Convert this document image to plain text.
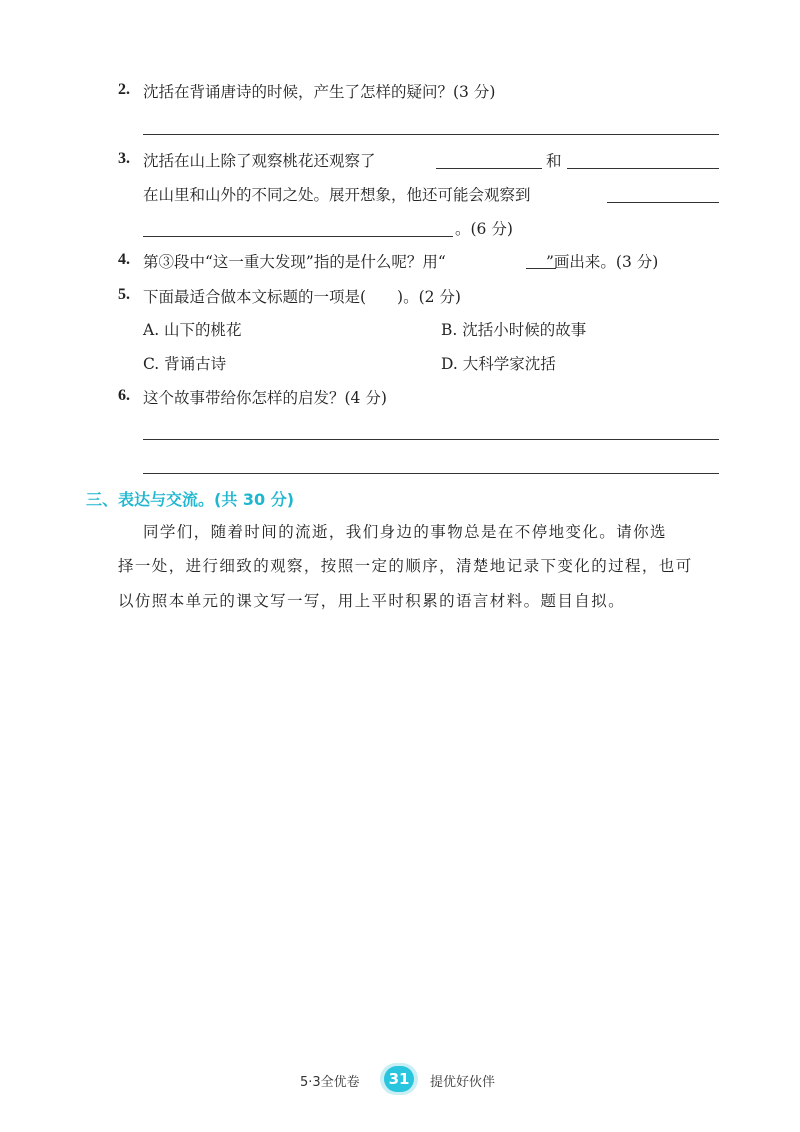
2. 沈括在背诵唐诗的时候，产生了怎样的疑问？(3 分)
3. 沈括在山上除了观察桃花还观察了	和
在山里和山外的不同之处。展开想象，他还可能会观察到
。(6 分)
4. 第③段中“这一重大发现”指的是什么呢？用“	”画出来。(3 分)
5. 下面最适合做本文标题的一项是(　　)。(2 分)
A. 山下的桃花	B. 沈括小时候的故事
C. 背诵古诗	D. 大科学家沈括
6. 这个故事带给你怎样的启发？(4 分)
三、表达与交流。(共 30 分)
同学们，随着时间的流逝，我们身边的事物总是在不停地变化。请你选
择一处，进行细致的观察，按照一定的顺序，清楚地记录下变化的过程，也可
以仿照本单元的课文写一写，用上平时积累的语言材料。题目自拟。
5·3全优卷	31	提优好伙伴
